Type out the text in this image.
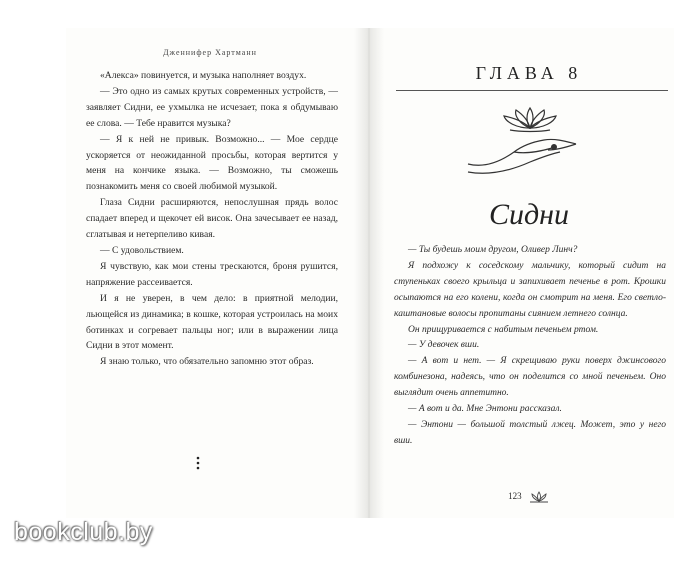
Дженнифер Хартманн

«Алекса» повинуется, и музыка наполняет воздух.

— Это одно из самых крутых современных устройств, — заявляет Сидни, ее ухмылка не исчезает, пока я обдумываю ее слова. — Тебе нравится музыка?

— Я к ней не привык. Возможно... — Мое сердце ускоряется от неожиданной просьбы, которая вертится у меня на кончике языка. — Возможно, ты сможешь познакомить меня со своей любимой музыкой.

Глаза Сидни расширяются, непослушная прядь волос спадает вперед и щекочет ей висок. Она зачесывает ее назад, сглатывая и нетерпеливо кивая.

— С удовольствием.

Я чувствую, как мои стены трескаются, броня рушится, напряжение рассеивается.

И я не уверен, в чем дело: в приятной мелодии, льющейся из динамика; в кошке, которая устроилась на моих ботинках и согревает пальцы ног; или в выражении лица Сидни в этот момент.

Я знаю только, что обязательно запомню этот образ.

ГЛАВА 8
Сидни

— Ты будешь моим другом, Оливер Линч?

Я подхожу к соседскому мальчику, который сидит на ступеньках своего крыльца и запихивает печенье в рот. Крошки осыпаются на его колени, когда он смотрит на меня. Его светло-каштановые волосы пропитаны сиянием летнего солнца.

Он прищуривается с набитым печеньем ртом.

— У девочек вши.

— А вот и нет. — Я скрещиваю руки поверх джинсового комбинезона, надеясь, что он поделится со мной печеньем. Оно выглядит очень аппетитно.

— А вот и да. Мне Энтони рассказал.

— Энтони — большой толстый лжец. Может, это у него вши.

123
bookclub.by
